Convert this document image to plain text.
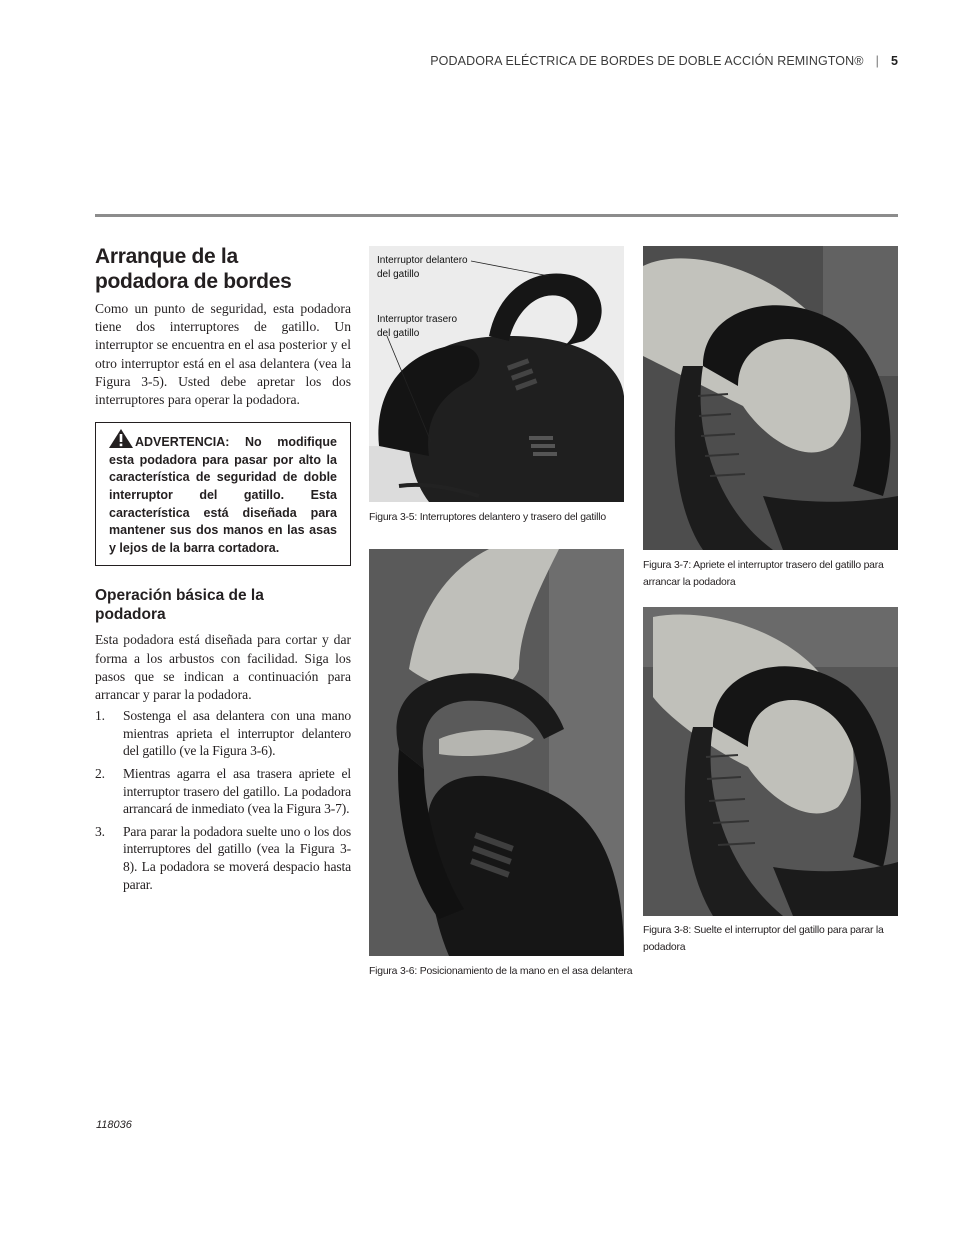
PODADORA ELÉCTRICA DE BORDES DE DOBLE ACCIÓN REMINGTON® | 5
Arranque de la
podadora de bordes

Como un punto de seguridad, esta podadora tiene dos interruptores de gatillo. Un interruptor se encuentra en el asa posterior y el otro interruptor está en el asa delantera (vea la Figura 3-5). Usted debe apretar los dos interruptores para operar la podadora.

ADVERTENCIA: No modifique esta podadora para pasar por alto la característica de seguridad de doble interruptor del gatillo. Esta característica está diseñada para mantener sus dos manos en las asas y lejos de la barra cortadora.
Operación básica de la
podadora

Esta podadora está diseñada para cortar y dar forma a los arbustos con facilidad. Siga los pasos que se indican a continuación para arrancar y parar la podadora.

1. Sostenga el asa delantera con una mano mientras aprieta el interruptor delantero del gatillo (ve la Figura 3-6).
2. Mientras agarra el asa trasera apriete el interruptor trasero del gatillo. La podadora arrancará de inmediato (vea la Figura 3-7).
3. Para parar la podadora suelte uno o los dos interruptores del gatillo (vea la Figura 3-8). La podadora se moverá despacio hasta parar.
Interruptor delantero
del gatillo
Interruptor trasero
del gatillo
Figura 3-5: Interruptores delantero y trasero del gatillo
Figura 3-6: Posicionamiento de la mano en el asa delantera
Figura 3-7: Apriete el interruptor trasero del gatillo para
arrancar la podadora
Figura 3-8: Suelte el interruptor del gatillo para parar la
podadora
118036
